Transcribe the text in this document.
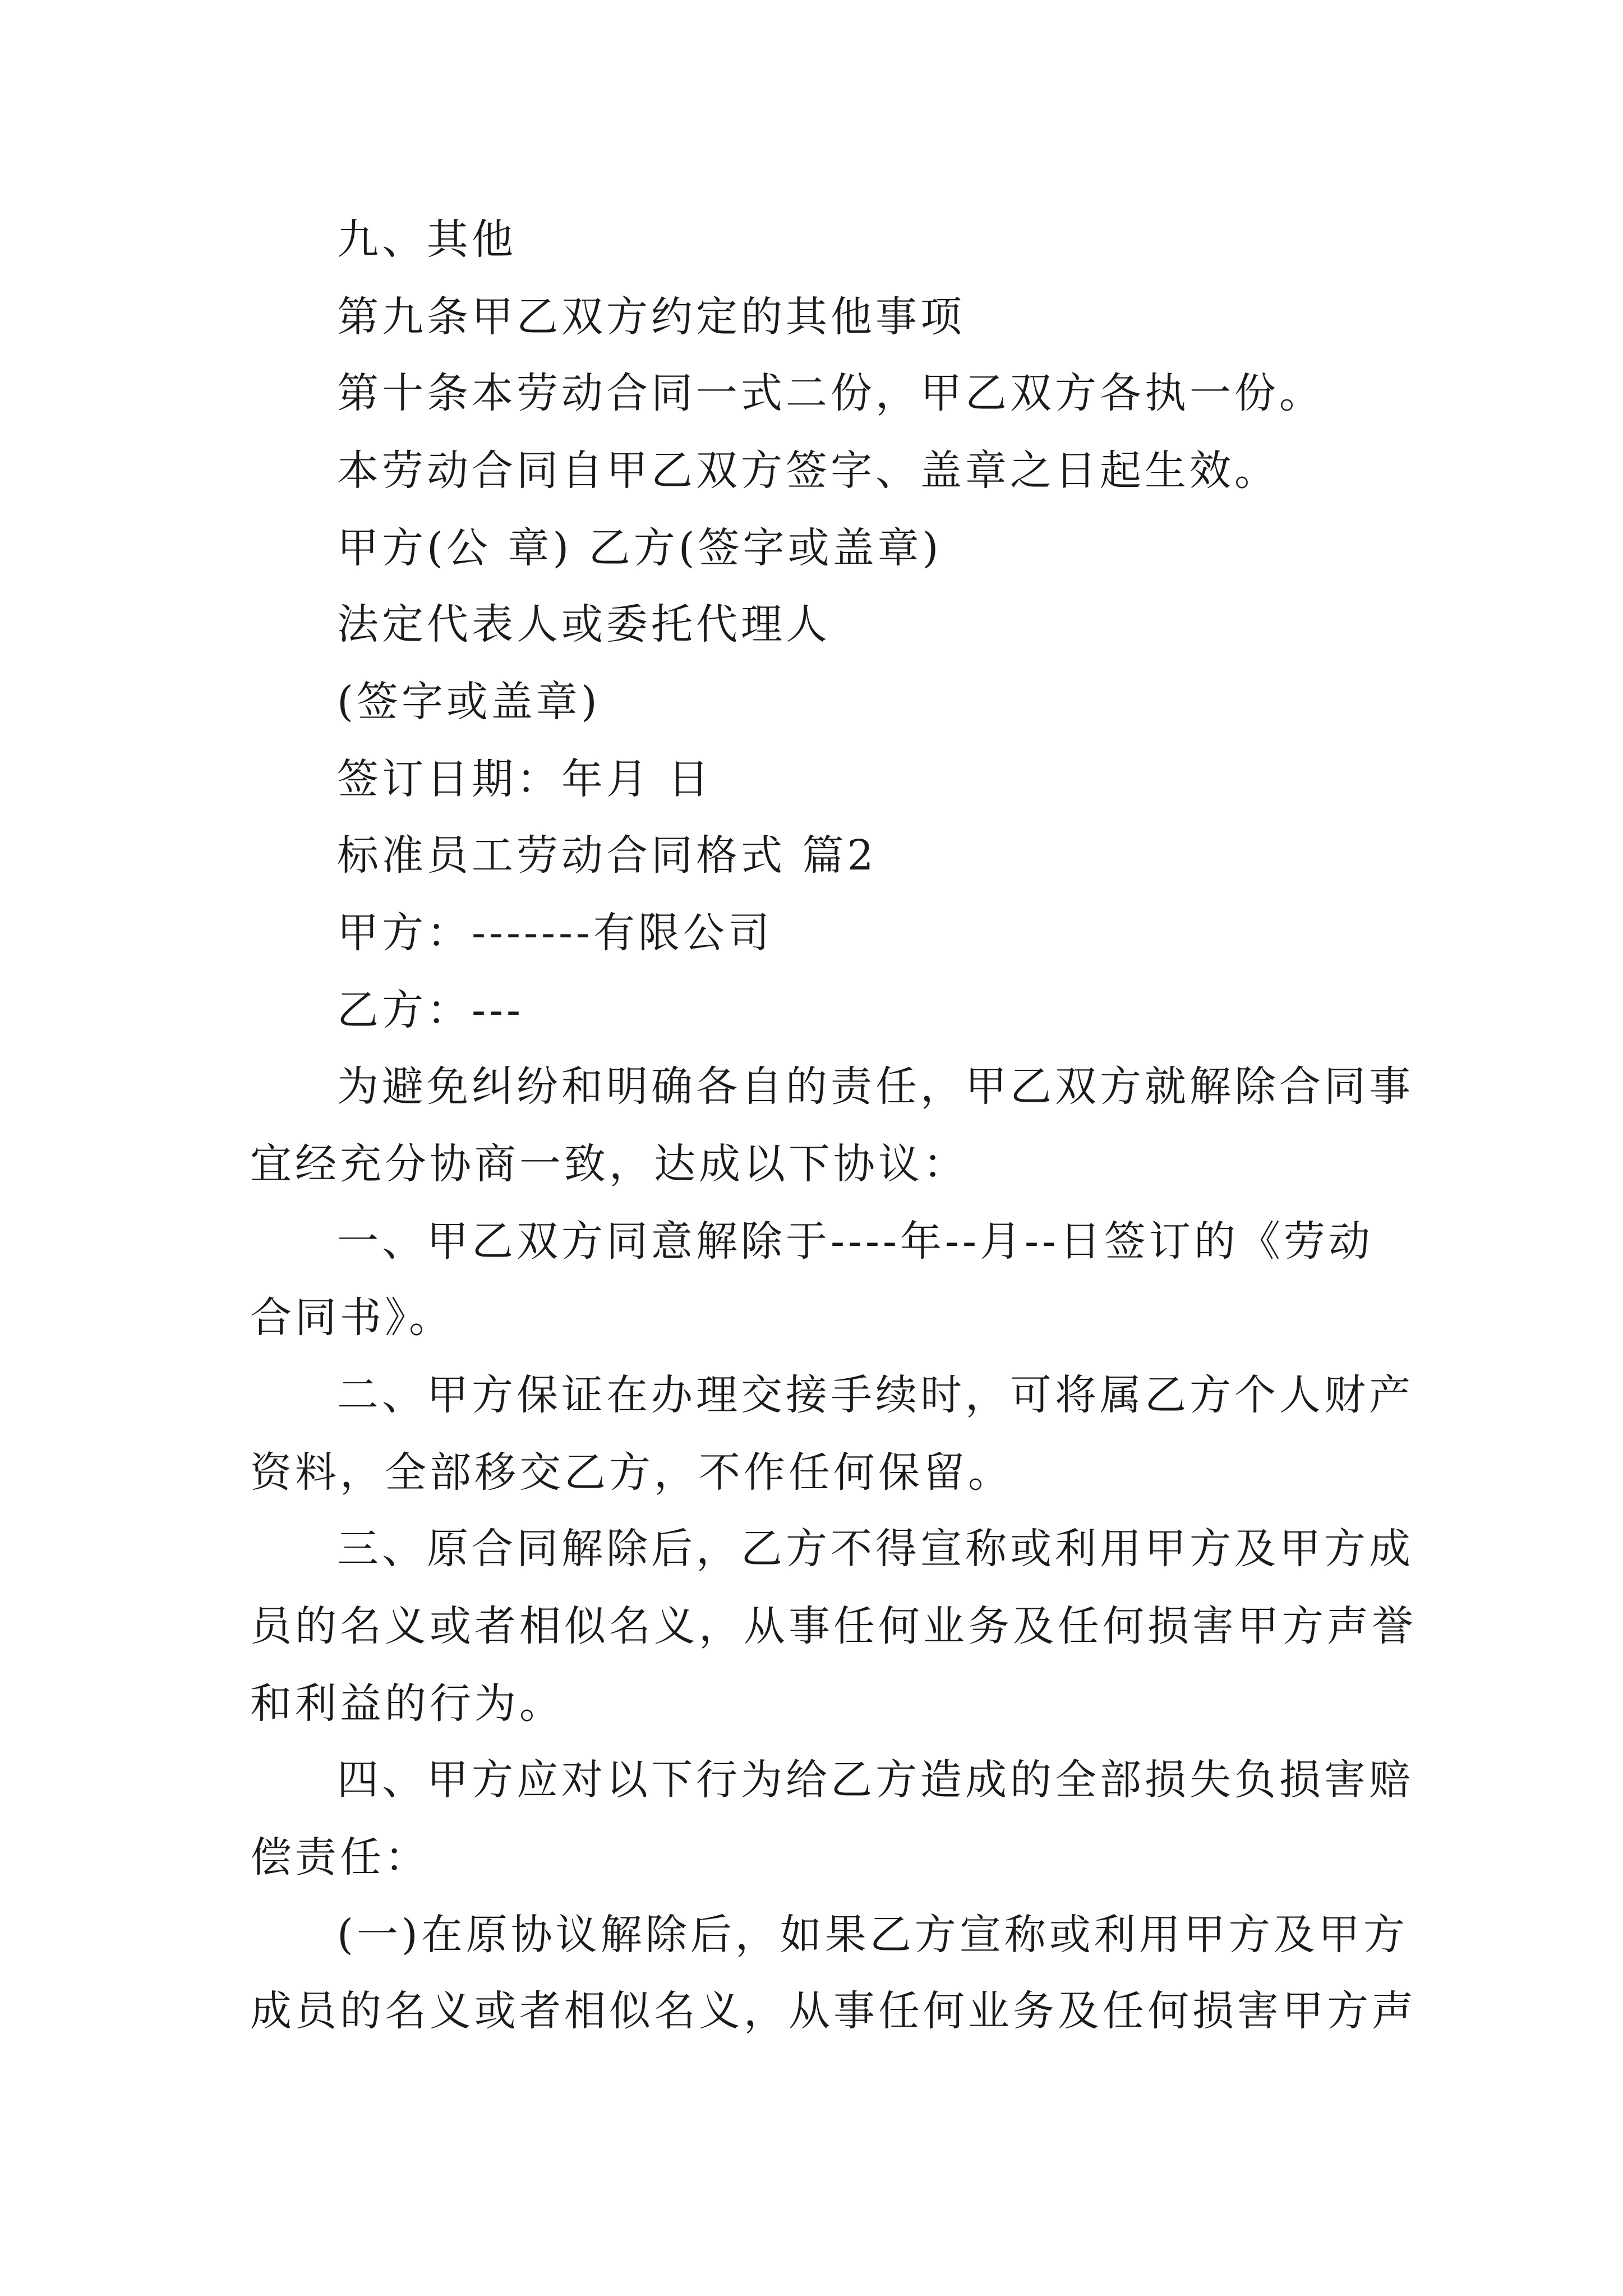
九、其他

第九条甲乙双方约定的其他事项

第十条本劳动合同一式二份，甲乙双方各执一份。

本劳动合同自甲乙双方签字、盖章之日起生效。

甲方(公 章) 乙方(签字或盖章)

法定代表人或委托代理人

(签字或盖章)

签订日期：年月 日

标准员工劳动合同格式 篇2

甲方：-------有限公司

乙方：---

为避免纠纷和明确各自的责任，甲乙双方就解除合同事

宜经充分协商一致，达成以下协议：

一、甲乙双方同意解除于----年--月--日签订的《劳动

合同书》。

二、甲方保证在办理交接手续时，可将属乙方个人财产

资料，全部移交乙方，不作任何保留。

三、原合同解除后，乙方不得宣称或利用甲方及甲方成

员的名义或者相似名义，从事任何业务及任何损害甲方声誉

和利益的行为。

四、甲方应对以下行为给乙方造成的全部损失负损害赔

偿责任：

(一)在原协议解除后，如果乙方宣称或利用甲方及甲方

成员的名义或者相似名义，从事任何业务及任何损害甲方声
